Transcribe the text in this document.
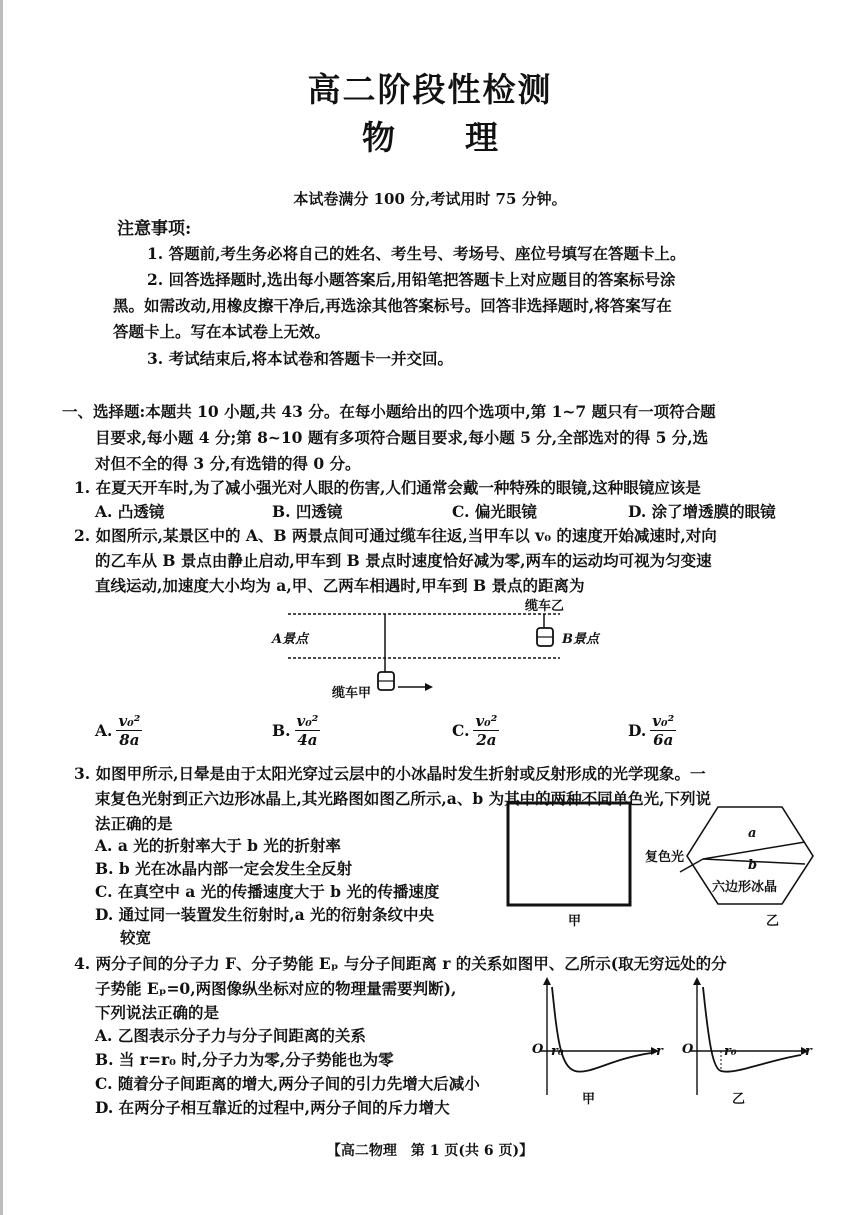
高二阶段性检测
物理
本试卷满分 100 分,考试用时 75 分钟。
注意事项:
1. 答题前,考生务必将自己的姓名、考生号、考场号、座位号填写在答题卡上。
2. 回答选择题时,选出每小题答案后,用铅笔把答题卡上对应题目的答案标号涂
黑。如需改动,用橡皮擦干净后,再选涂其他答案标号。回答非选择题时,将答案写在
答题卡上。写在本试卷上无效。
3. 考试结束后,将本试卷和答题卡一并交回。
一、选择题:本题共 10 小题,共 43 分。在每小题给出的四个选项中,第 1~7 题只有一项符合题
目要求,每小题 4 分;第 8~10 题有多项符合题目要求,每小题 5 分,全部选对的得 5 分,选
对但不全的得 3 分,有选错的得 0 分。
1. 在夏天开车时,为了减小强光对人眼的伤害,人们通常会戴一种特殊的眼镜,这种眼镜应该是
A. 凸透镜	B. 凹透镜	C. 偏光眼镜	D. 涂了增透膜的眼镜
2. 如图所示,某景区中的 A、B 两景点间可通过缆车往返,当甲车以 v₀ 的速度开始减速时,对向
的乙车从 B 景点由静止启动,甲车到 B 景点时速度恰好减为零,两车的运动均可视为匀变速
直线运动,加速度大小均为 a,甲、乙两车相遇时,甲车到 B 景点的距离为
缆车乙
A景点	B景点
缆车甲
A. $\frac{\text{v₀²}}{8a}$	B. $\frac{\text{v₀²}}{4a}$	C. $\frac{\text{v₀²}}{2a}$	D. $\frac{\text{v₀²}}{6a}$
3. 如图甲所示,日晕是由于太阳光穿过云层中的小冰晶时发生折射或反射形成的光学现象。一
束复色光射到正六边形冰晶上,其光路图如图乙所示,a、b 为其中的两种不同单色光,下列说
法正确的是
A. a 光的折射率大于 b 光的折射率
B. b 光在冰晶内部一定会发生全反射
C. 在真空中 a 光的传播速度大于 b 光的传播速度
D. 通过同一装置发生衍射时,a 光的衍射条纹中央
较宽
甲	乙
复色光
a
b
六边形冰晶
4. 两分子间的分子力 F、分子势能 Eₚ 与分子间距离 r 的关系如图甲、乙所示(取无穷远处的分
子势能 Eₚ=0,两图像纵坐标对应的物理量需要判断),
下列说法正确的是
A. 乙图表示分子力与分子间距离的关系
B. 当 r=r₀ 时,分子力为零,分子势能也为零
C. 随着分子间距离的增大,两分子间的引力先增大后减小
D. 在两分子相互靠近的过程中,两分子间的斥力增大
O r₀	r
甲
O r₀	r
乙
【高二物理　第 1 页(共 6 页)】
